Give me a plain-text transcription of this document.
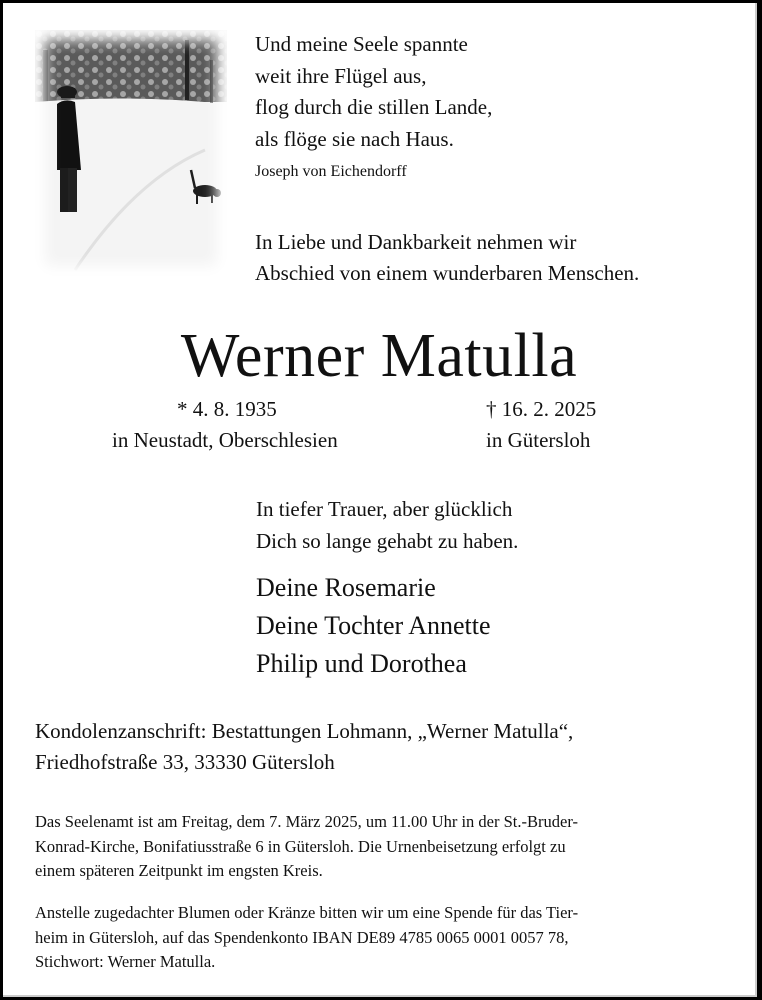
Und meine Seele spannte
weit ihre Flügel aus,
flog durch die stillen Lande,
als flöge sie nach Haus.
Joseph von Eichendorff
In Liebe und Dankbarkeit nehmen wir
Abschied von einem wunderbaren Menschen.
Werner Matulla
* 4. 8. 1935
in Neustadt, Oberschlesien
† 16. 2. 2025
in Gütersloh
In tiefer Trauer, aber glücklich
Dich so lange gehabt zu haben.
Deine Rosemarie
Deine Tochter Annette
Philip und Dorothea
Kondolenzanschrift: Bestattungen Lohmann, „Werner Matulla“,
Friedhofstraße 33, 33330 Gütersloh
Das Seelenamt ist am Freitag, dem 7. März 2025, um 11.00 Uhr in der St.-Bruder-
Konrad-Kirche, Bonifatiusstraße 6 in Gütersloh. Die Urnenbeisetzung erfolgt zu
einem späteren Zeitpunkt im engsten Kreis.
Anstelle zugedachter Blumen oder Kränze bitten wir um eine Spende für das Tier-
heim in Gütersloh, auf das Spendenkonto IBAN DE89 4785 0065 0001 0057 78,
Stichwort: Werner Matulla.
